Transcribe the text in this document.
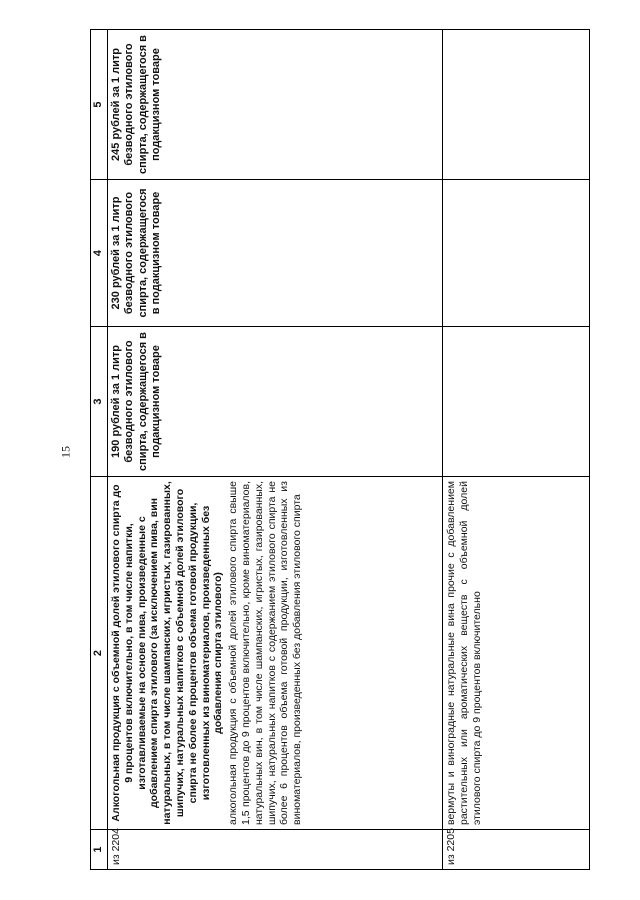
15
1	2	3	4	5
из 2204	Алкогольная продукция с объемной долей этилового спирта до 9 процентов включительно, в том числе напитки, изготавливаемые на основе пива, произведенные с добавлением спирта этилового (за исключением пива, вин натуральных, в том числе шампанских, игристых, газированных, шипучих, натуральных напитков с объемной долей этилового спирта не более 6 процентов объема готовой продукции, изготовленных из виноматериалов, произведенных без добавления спирта этилового) алкогольная продукция с объемной долей этилового спирта свыше 1,5 процентов до 9 процентов включительно, кроме виноматериалов, натуральных вин, в том числе шампанских, игристых, газированных, шипучих, натуральных напитков с содержанием этилового спирта не более 6 процентов объема готовой продукции, изготовленных из виноматериалов, произведенных без добавления этилового спирта	190 рублей за 1 литр безводного этилового спирта, содержащегося в подакцизном товаре	230 рублей за 1 литр безводного этилового спирта, содержащегося в подакцизном товаре	245 рублей за 1 литр безводного этилового спирта, содержащегося в подакцизном товаре
из 2205	вермуты и виноградные натуральные вина прочие с добавлением растительных или ароматических веществ с объемной долей этилового спирта до 9 процентов включительно			
